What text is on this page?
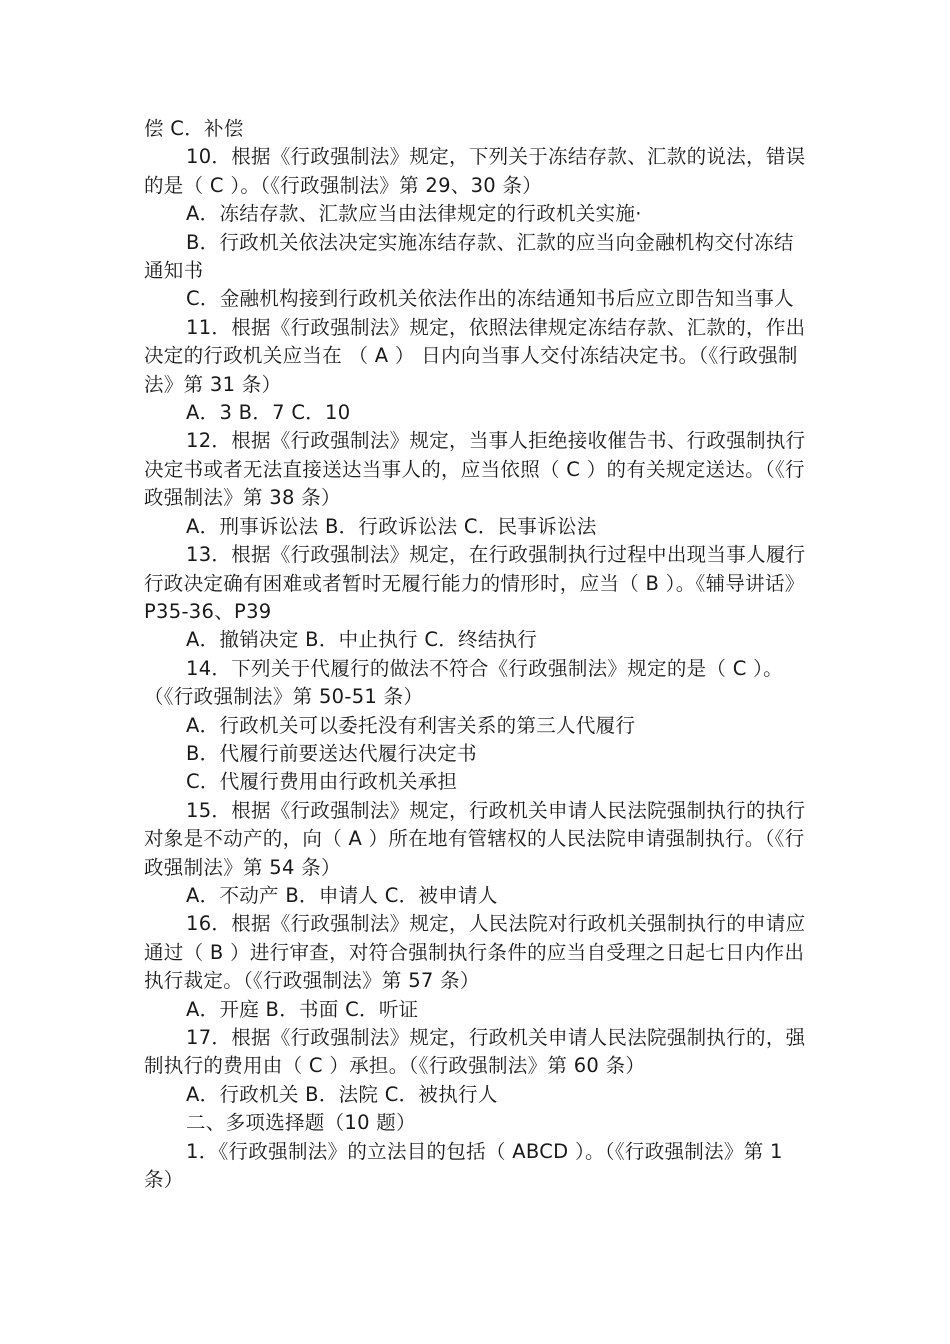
偿 C．补偿

10．根据《行政强制法》规定，下列关于冻结存款、汇款的说法，错误的是（ C ）。（《行政强制法》第 29、30 条）

A．冻结存款、汇款应当由法律规定的行政机关实施·

B．行政机关依法决定实施冻结存款、汇款的应当向金融机构交付冻结通知书

C．金融机构接到行政机关依法作出的冻结通知书后应立即告知当事人

11．根据《行政强制法》规定，依照法律规定冻结存款、汇款的，作出决定的行政机关应当在 （ A ） 日内向当事人交付冻结决定书。（《行政强制法》第 31 条）

A．3 B．7 C．10

12．根据《行政强制法》规定，当事人拒绝接收催告书、行政强制执行决定书或者无法直接送达当事人的，应当依照（ C ）的有关规定送达。（《行政强制法》第 38 条）

A．刑事诉讼法 B．行政诉讼法 C．民事诉讼法

13．根据《行政强制法》规定，在行政强制执行过程中出现当事人履行行政决定确有困难或者暂时无履行能力的情形时，应当（ B ）。《辅导讲话》P35-36、P39

A．撤销决定 B．中止执行 C．终结执行

14．下列关于代履行的做法不符合《行政强制法》规定的是（ C ）。（《行政强制法》第 50-51 条）

A．行政机关可以委托没有利害关系的第三人代履行

B．代履行前要送达代履行决定书

C．代履行费用由行政机关承担

15．根据《行政强制法》规定，行政机关申请人民法院强制执行的执行对象是不动产的，向（ A ）所在地有管辖权的人民法院申请强制执行。（《行政强制法》第 54 条）

A．不动产 B．申请人 C．被申请人

16．根据《行政强制法》规定，人民法院对行政机关强制执行的申请应通过（ B ）进行审查，对符合强制执行条件的应当自受理之日起七日内作出执行裁定。（《行政强制法》第 57 条）

A．开庭 B．书面 C．听证

17．根据《行政强制法》规定，行政机关申请人民法院强制执行的，强制执行的费用由（ C ）承担。（《行政强制法》第 60 条）

A．行政机关 B．法院 C．被执行人

二、多项选择题（10 题）

1．《行政强制法》的立法目的包括（ ABCD ）。（《行政强制法》第 1 条）
